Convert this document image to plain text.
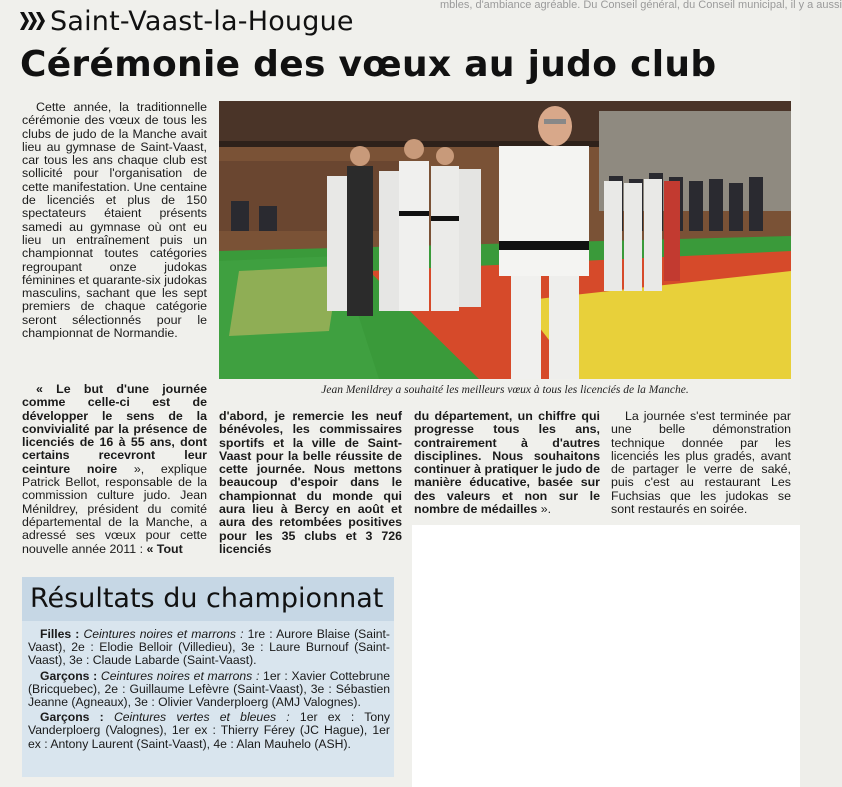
mbles, d'ambiance agréable. Du Conseil général, du Conseil municipal, il y a aussi
Saint-Vaast-la-Hougue
Cérémonie des vœux au judo club

Cette année, la traditionnelle cérémonie des vœux de tous les clubs de judo de la Manche avait lieu au gymnase de Saint-Vaast, car tous les ans chaque club est sollicité pour l'organisation de cette manifestation. Une centaine de licenciés et plus de 150 spectateurs étaient présents samedi au gymnase où ont eu lieu un entraînement puis un championnat toutes catégories regroupant onze judokas féminines et quarante-six judokas masculins, sachant que les sept premiers de chaque catégorie seront sélectionnés pour le championnat de Normandie.

« Le but d'une journée comme celle-ci est de développer le sens de la convivialité par la présence de licenciés de 16 à 55 ans, dont certains recevront leur ceinture noire », explique Patrick Bellot, responsable de la commission culture judo. Jean Ménildrey, président du comité départemental de la Manche, a adressé ses vœux pour cette nouvelle année 2011 : « Tout

Jean Menildrey a souhaité les meilleurs vœux à tous les licenciés de la Manche.

d'abord, je remercie les neuf bénévoles, les commissaires sportifs et la ville de Saint-Vaast pour la belle réussite de cette journée. Nous mettons beaucoup d'espoir dans le championnat du monde qui aura lieu à Bercy en août et aura des retombées positives pour les 35 clubs et 3 726 licenciés

du département, un chiffre qui progresse tous les ans, contrairement à d'autres disciplines. Nous souhaitons continuer à pratiquer le judo de manière éducative, basée sur des valeurs et non sur le nombre de médailles ».

La journée s'est terminée par une belle démonstration technique donnée par les licenciés les plus gradés, avant de partager le verre de saké, puis c'est au restaurant Les Fuchsias que les judokas se sont restaurés en soirée.

Résultats du championnat

Filles : Ceintures noires et marrons : 1re : Aurore Blaise (Saint-Vaast), 2e : Elodie Belloir (Villedieu), 3e : Laure Burnouf (Saint-Vaast), 3e : Claude Labarde (Saint-Vaast).

Garçons : Ceintures noires et marrons : 1er : Xavier Cottebrune (Bricquebec), 2e : Guillaume Lefèvre (Saint-Vaast), 3e : Sébastien Jeanne (Agneaux), 3e : Olivier Vanderploerg (AMJ Valognes).

Garçons : Ceintures vertes et bleues : 1er ex : Tony Vanderploerg (Valognes), 1er ex : Thierry Férey (JC Hague), 1er ex : Antony Laurent (Saint-Vaast), 4e : Alan Mauhelo (ASH).
